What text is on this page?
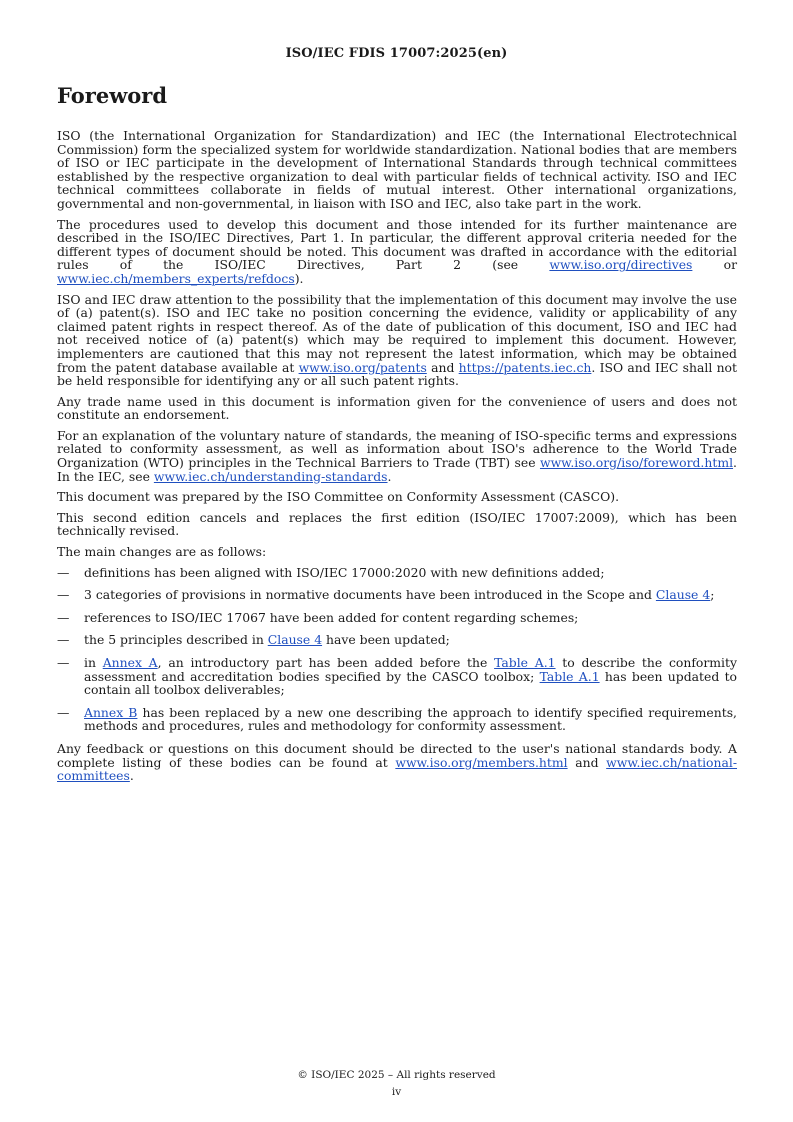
ISO/IEC FDIS 17007:2025(en)
Foreword

ISO (the International Organization for Standardization) and IEC (the International Electrotechnical Commission) form the specialized system for worldwide standardization. National bodies that are members of ISO or IEC participate in the development of International Standards through technical committees established by the respective organization to deal with particular fields of technical activity. ISO and IEC technical committees collaborate in fields of mutual interest. Other international organizations, governmental and non-governmental, in liaison with ISO and IEC, also take part in the work.

The procedures used to develop this document and those intended for its further maintenance are described in the ISO/IEC Directives, Part 1. In particular, the different approval criteria needed for the different types of document should be noted. This document was drafted in accordance with the editorial rules of the ISO/IEC Directives, Part 2 (see www.iso.org/directives or www.iec.ch/members_experts/refdocs).

ISO and IEC draw attention to the possibility that the implementation of this document may involve the use of (a) patent(s). ISO and IEC take no position concerning the evidence, validity or applicability of any claimed patent rights in respect thereof. As of the date of publication of this document, ISO and IEC had not received notice of (a) patent(s) which may be required to implement this document. However, implementers are cautioned that this may not represent the latest information, which may be obtained from the patent database available at www.iso.org/patents and https://patents.iec.ch. ISO and IEC shall not be held responsible for identifying any or all such patent rights.

Any trade name used in this document is information given for the convenience of users and does not constitute an endorsement.

For an explanation of the voluntary nature of standards, the meaning of ISO-specific terms and expressions related to conformity assessment, as well as information about ISO's adherence to the World Trade Organization (WTO) principles in the Technical Barriers to Trade (TBT) see www.iso.org/iso/foreword.html. In the IEC, see www.iec.ch/understanding-standards.

This document was prepared by the ISO Committee on Conformity Assessment (CASCO).

This second edition cancels and replaces the first edition (ISO/IEC 17007:2009), which has been technically revised.

The main changes are as follows:

— definitions has been aligned with ISO/IEC 17000:2020 with new definitions added;
— 3 categories of provisions in normative documents have been introduced in the Scope and Clause 4;
— references to ISO/IEC 17067 have been added for content regarding schemes;
— the 5 principles described in Clause 4 have been updated;
— in Annex A, an introductory part has been added before the Table A.1 to describe the conformity assessment and accreditation bodies specified by the CASCO toolbox; Table A.1 has been updated to contain all toolbox deliverables;
— Annex B has been replaced by a new one describing the approach to identify specified requirements, methods and procedures, rules and methodology for conformity assessment.

Any feedback or questions on this document should be directed to the user's national standards body. A complete listing of these bodies can be found at www.iso.org/members.html and www.iec.ch/national-committees.

© ISO/IEC 2025 – All rights reserved
iv
